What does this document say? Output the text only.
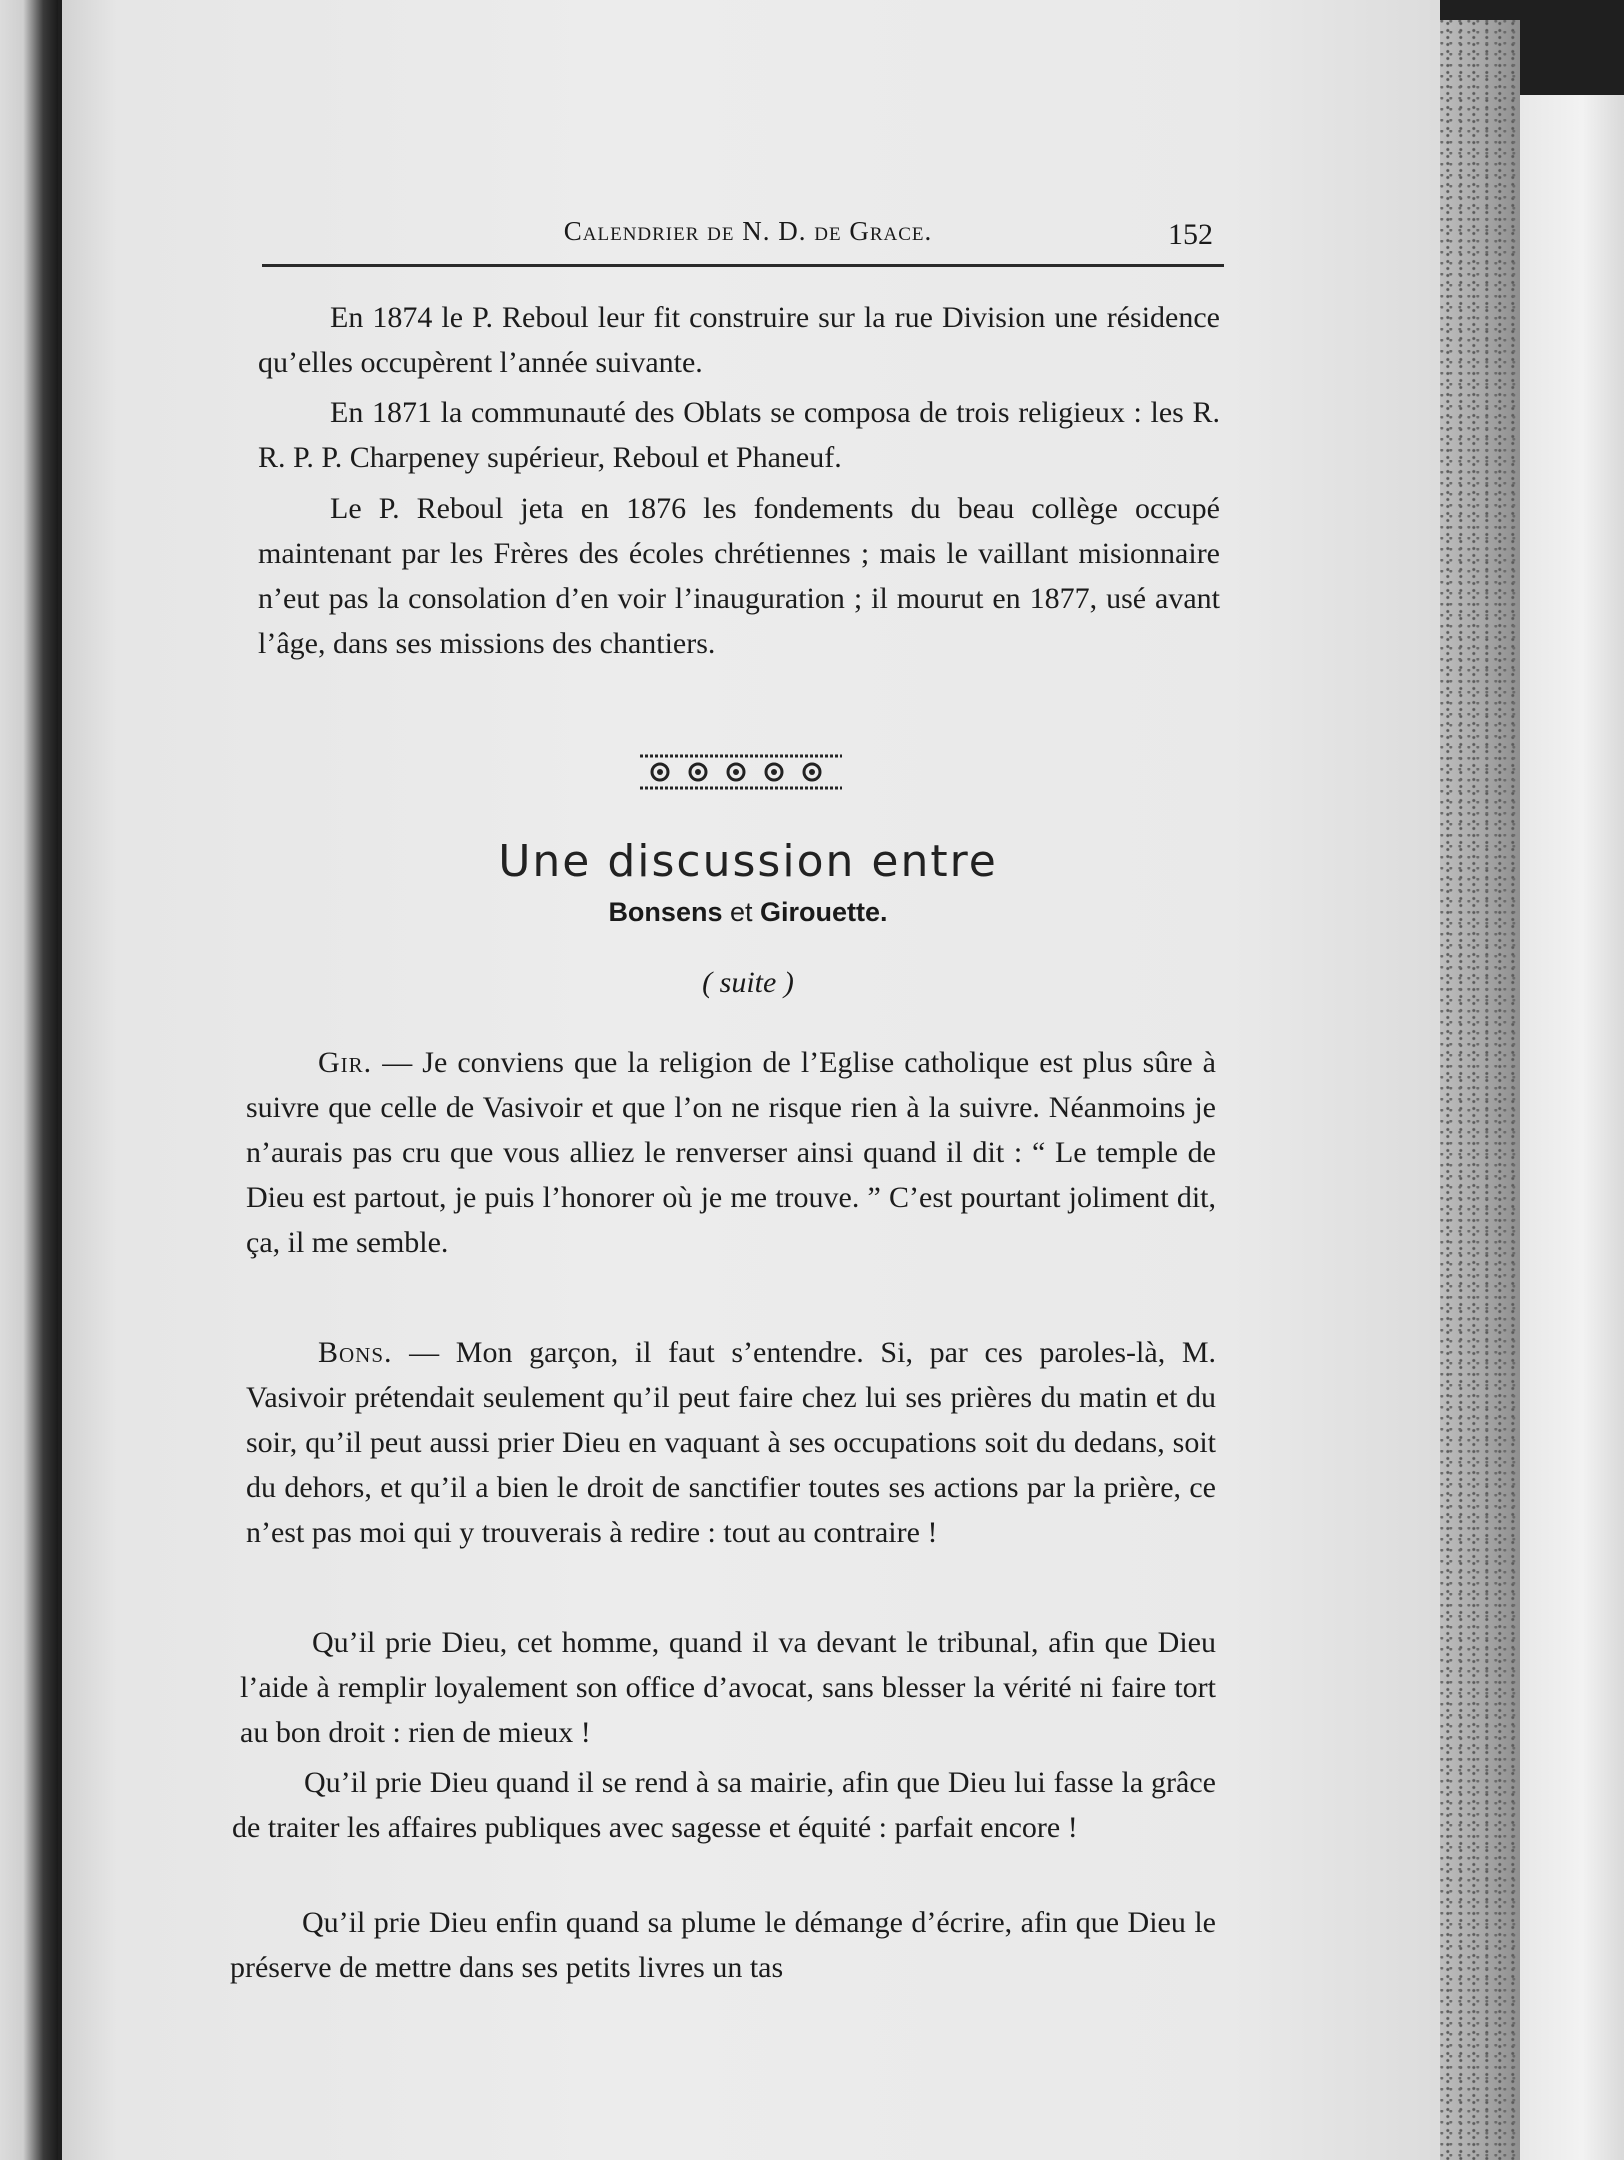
Calendrier de N. D. de Grace.	152

En 1874 le P. Reboul leur fit construire sur la rue Division une résidence qu’elles occupèrent l’année suivante.

En 1871 la communauté des Oblats se composa de trois religieux : les R. R. P. P. Charpeney supérieur, Reboul et Phaneuf.

Le P. Reboul jeta en 1876 les fondements du beau collège occupé maintenant par les Frères des écoles chrétiennes ; mais le vaillant misionnaire n’eut pas la consolation d’en voir l’inauguration ; il mourut en 1877, usé avant l’âge, dans ses missions des chantiers.

Une discussion entre
Bonsens et Girouette.
( suite )

Gir. — Je conviens que la religion de l’Eglise catholique est plus sûre à suivre que celle de Vasivoir et que l’on ne risque rien à la suivre. Néanmoins je n’aurais pas cru que vous alliez le renverser ainsi quand il dit : “ Le temple de Dieu est partout, je puis l’honorer où je me trouve. ” C’est pourtant joliment dit, ça, il me semble.

Bons. — Mon garçon, il faut s’entendre. Si, par ces paroles-là, M. Vasivoir prétendait seulement qu’il peut faire chez lui ses prières du matin et du soir, qu’il peut aussi prier Dieu en vaquant à ses occupations soit du dedans, soit du dehors, et qu’il a bien le droit de sanctifier toutes ses actions par la prière, ce n’est pas moi qui y trouverais à redire : tout au contraire !

Qu’il prie Dieu, cet homme, quand il va devant le tribunal, afin que Dieu l’aide à remplir loyalement son office d’avocat, sans blesser la vérité ni faire tort au bon droit : rien de mieux !

Qu’il prie Dieu quand il se rend à sa mairie, afin que Dieu lui fasse la grâce de traiter les affaires publiques avec sagesse et équité : parfait encore !

Qu’il prie Dieu enfin quand sa plume le démange d’écrire, afin que Dieu le préserve de mettre dans ses petits livres un tas
